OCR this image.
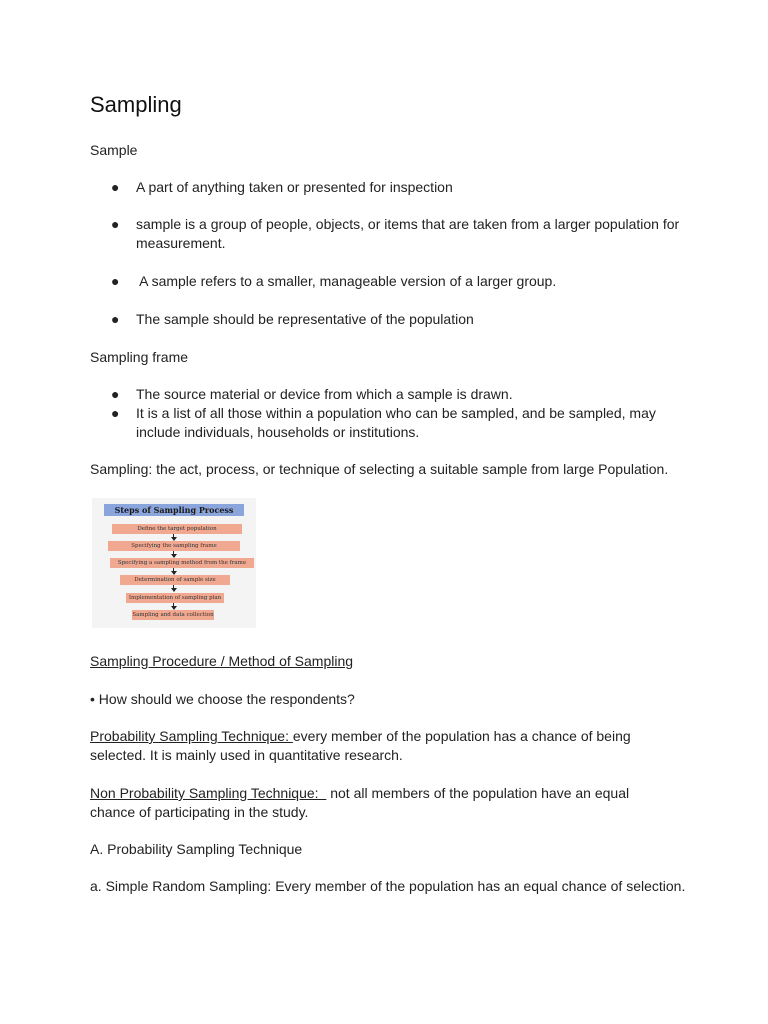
Sampling
Sample
● A part of anything taken or presented for inspection
● sample is a group of people, objects, or items that are taken from a larger population for measurement.
● A sample refers to a smaller, manageable version of a larger group.
● The sample should be representative of the population
Sampling frame
● The source material or device from which a sample is drawn.
● It is a list of all those within a population who can be sampled, and be sampled, may include individuals, households or institutions.
Sampling: the act, process, or technique of selecting a suitable sample from large Population.
Steps of Sampling Process
Define the target population
Specifying the sampling frame
Specifying a sampling method from the frame
Determination of sample size
Implementation of sampling plan
Sampling and data collection
Sampling Procedure / Method of Sampling
• How should we choose the respondents?
Probability Sampling Technique: every member of the population has a chance of being selected. It is mainly used in quantitative research.
Non Probability Sampling Technique:   not all members of the population have an equal chance of participating in the study.
A. Probability Sampling Technique
a. Simple Random Sampling: Every member of the population has an equal chance of selection.
